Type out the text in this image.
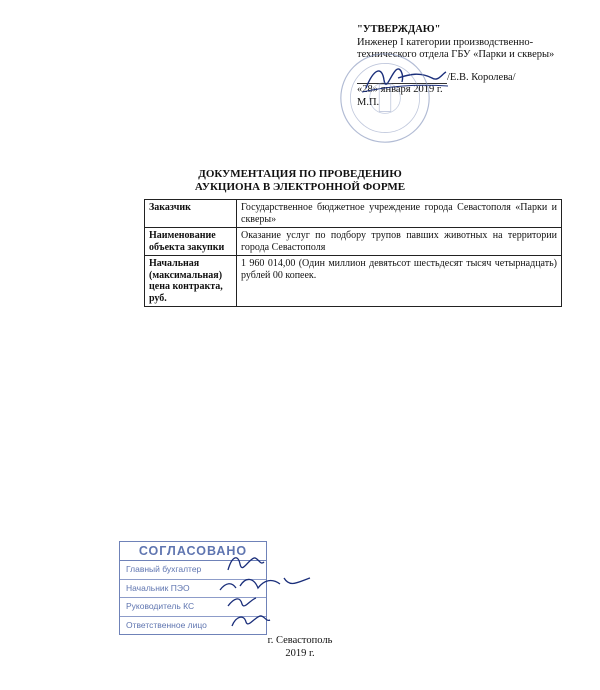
"УТВЕРЖДАЮ"
Инженер I категории производственно-
технического отдела ГБУ «Парки и скверы»
/Е.В. Королева/
«28» января 2019 г.
М.П.
ДОКУМЕНТАЦИЯ ПО ПРОВЕДЕНИЮ
АУКЦИОНА В ЭЛЕКТРОННОЙ ФОРМЕ
Заказчик	Государственное бюджетное учреждение города Севастополя «Парки и скверы»
Наименование объекта закупки	Оказание услуг по подбору трупов павших животных на территории города Севастополя
Начальная (максимальная) цена контракта, руб.	1 960 014,00 (Один миллион девятьсот шестьдесят тысяч четырнадцать) рублей 00 копеек.
СОГЛАСОВАНО
Главный бухгалтер
Начальник ПЭО
Руководитель КС
Ответственное лицо
г. Севастополь
2019 г.
